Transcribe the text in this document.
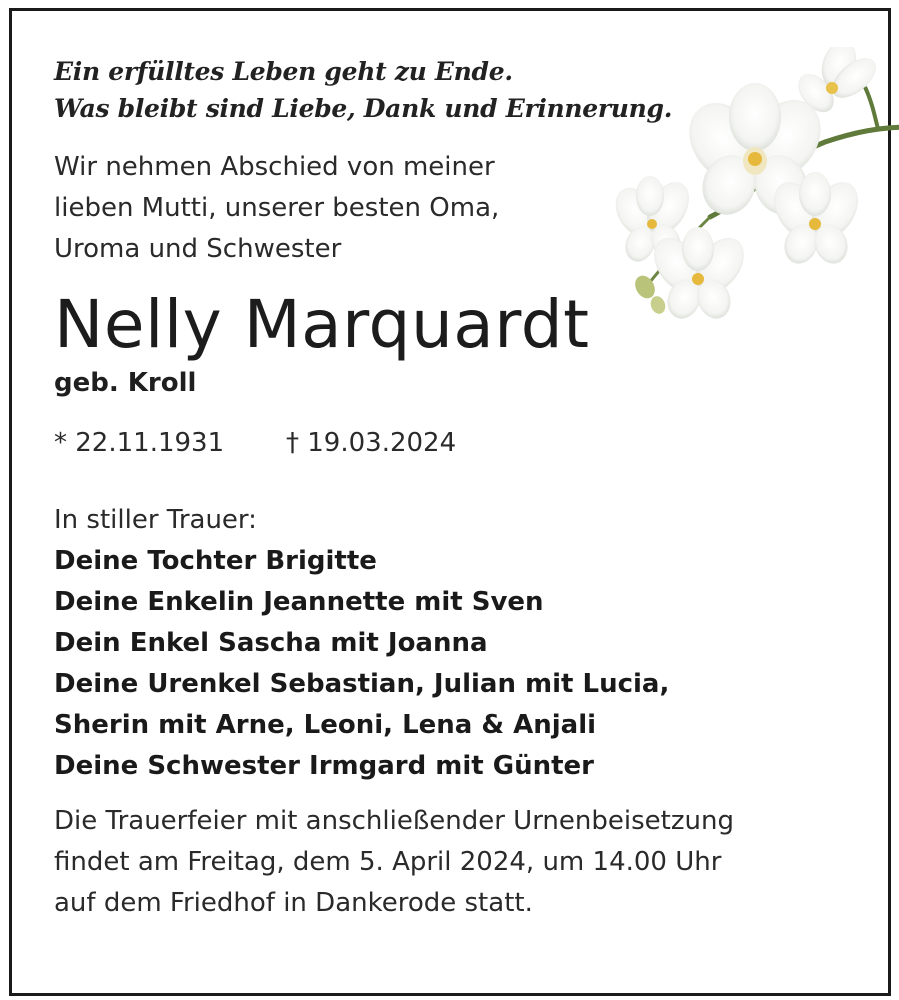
Ein erfülltes Leben geht zu Ende.
Was bleibt sind Liebe, Dank und Erinnerung.
Wir nehmen Abschied von meiner
lieben Mutti, unserer besten Oma,
Uroma und Schwester
Nelly Marquardt
geb. Kroll
* 22.11.1931	† 19.03.2024
In stiller Trauer:
Deine Tochter Brigitte
Deine Enkelin Jeannette mit Sven
Dein Enkel Sascha mit Joanna
Deine Urenkel Sebastian, Julian mit Lucia,
Sherin mit Arne, Leoni, Lena & Anjali
Deine Schwester Irmgard mit Günter
Die Trauerfeier mit anschließender Urnenbeisetzung
findet am Freitag, dem 5. April 2024, um 14.00 Uhr
auf dem Friedhof in Dankerode statt.
